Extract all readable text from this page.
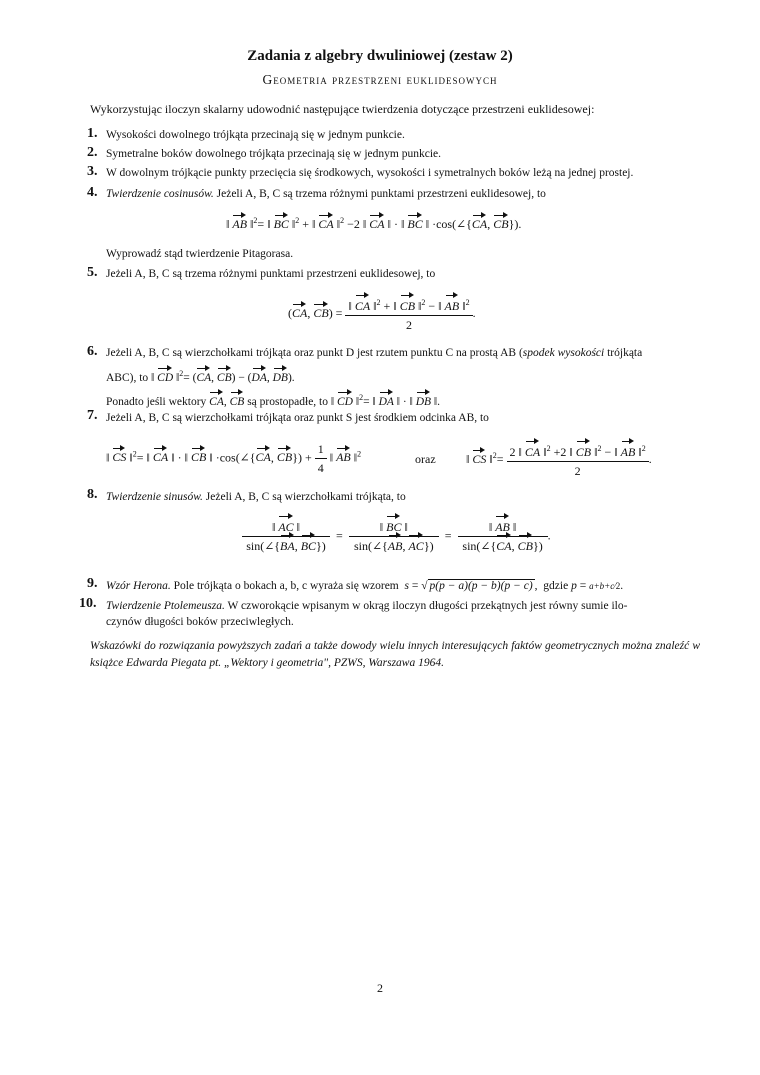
Zadania z algebry dwuliniowej (zestaw 2)
Geometria przestrzeni euklidesowych
Wykorzystując iloczyn skalarny udowodnić następujące twierdzenia dotyczące przestrzeni euklidesowej:
1. Wysokości dowolnego trójkąta przecinają się w jednym punkcie.
2. Symetralne boków dowolnego trójkąta przecinają się w jednym punkcie.
3. W dowolnym trójkącie punkty przecięcia się środkowych, wysokości i symetralnych boków leżą na jednej prostej.
4. Twierdzenie cosinusów. Jeżeli A, B, C są trzema różnymi punktami przestrzeni euklidesowej, to
‖ AB ‖$^2$= ‖ BC ‖$^2$ + ‖ CA ‖$^2$ −2 ‖ CA ‖ · ‖ BC ‖ ·cos(∠{CA, CB}).
Wyprowadź stąd twierdzenie Pitagorasa.
5. Jeżeli A, B, C są trzema różnymi punktami przestrzeni euklidesowej, to
(CA, $CB) = \frac{‖ CA ‖^2 + ‖ CB ‖^2 - ‖ AB ‖^2}{2}$ .
6. Jeżeli A, B, C są wierzchołkami trójkąta oraz punkt D jest rzutem punktu C na prostą AB (spodek wysokości trójkąta
ABC), to ‖ CD ‖$^2$= (CA, CB) − (DA, DB).
Ponadto jeśli wektory CA, CB są prostopadłe, to ‖ CD ‖$^2$= ‖ DA ‖ · ‖ DB ‖.
7. Jeżeli A, B, C są wierzchołkami trójkąta oraz punkt S jest środkiem odcinka AB, to
‖ CS ‖$^2$= ‖ CA ‖ · ‖ CB ‖ ·cos(∠{CA, $CB\}) + \frac{1}{4}$ ‖ AB ‖$^2$	oraz	‖ CS ‖$^2$= $\frac{2 ‖ CA ‖^2 +2 ‖ CB ‖^2 - ‖ AB ‖^2}{2}$ .
8. Twierdzenie sinusów. Jeżeli A, B, C są wierzchołkami trójkąta, to
$\frac{‖ AC ‖}{\sin(\angle\{BA, BC\})} = \frac{‖ BC ‖}{\sin(\angle\{AB, AC\})} = \frac{‖ AB ‖}{\sin(\angle\{CA, CB\})}$ .
9. Wzór Herona. Pole trójkąta o bokach a, b, c wyraża się wzorem s = √ p(p − a)(p − b)(p − c) ,  gdzie p = a+b+c⁄2.
10. Twierdzenie Ptolemeusza. W czworokącie wpisanym w okrąg iloczyn długości przekątnych jest równy sumie ilo-
czynów długości boków przeciwległych.
Wskazówki do rozwiązania powyższych zadań a także dowody wielu innych interesujących faktów geometrycznych można znaleźć w książce Edwarda Piegata pt. „Wektory i geometria", PZWS, Warszawa 1964.
2
